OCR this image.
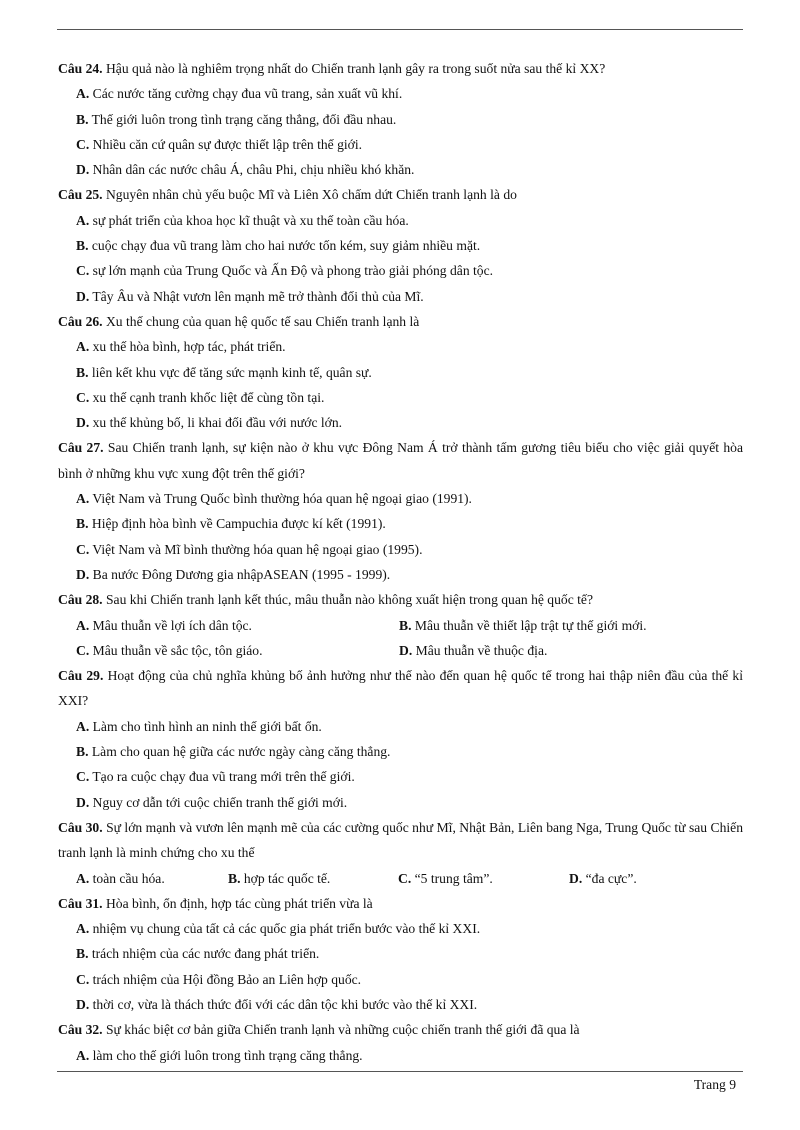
Câu 24. Hậu quả nào là nghiêm trọng nhất do Chiến tranh lạnh gây ra trong suốt nửa sau thế kỉ XX?
A. Các nước tăng cường chạy đua vũ trang, sản xuất vũ khí.
B. Thế giới luôn trong tình trạng căng thẳng, đối đầu nhau.
C. Nhiều căn cứ quân sự được thiết lập trên thế giới.
D. Nhân dân các nước châu Á, châu Phi, chịu nhiều khó khăn.
Câu 25. Nguyên nhân chủ yếu buộc Mĩ và Liên Xô chấm dứt Chiến tranh lạnh là do
A. sự phát triển của khoa học kĩ thuật và xu thế toàn cầu hóa.
B. cuộc chạy đua vũ trang làm cho hai nước tốn kém, suy giảm nhiều mặt.
C. sự lớn mạnh của Trung Quốc và Ấn Độ và phong trào giải phóng dân tộc.
D. Tây Âu và Nhật vươn lên mạnh mẽ trở thành đối thủ của Mĩ.
Câu 26. Xu thế chung của quan hệ quốc tế sau Chiến tranh lạnh là
A. xu thế hòa bình, hợp tác, phát triển.
B. liên kết khu vực để tăng sức mạnh kinh tế, quân sự.
C. xu thế cạnh tranh khốc liệt để cùng tồn tại.
D. xu thế khủng bố, li khai đối đầu với nước lớn.
Câu 27. Sau Chiến tranh lạnh, sự kiện nào ở khu vực Đông Nam Á trở thành tấm gương tiêu biểu cho việc giải quyết hòa bình ở những khu vực xung đột trên thế giới?
A. Việt Nam và Trung Quốc bình thường hóa quan hệ ngoại giao (1991).
B. Hiệp định hòa bình về Campuchia được kí kết (1991).
C. Việt Nam và Mĩ bình thường hóa quan hệ ngoại giao (1995).
D. Ba nước Đông Dương gia nhậpASEAN (1995 - 1999).
Câu 28. Sau khi Chiến tranh lạnh kết thúc, mâu thuẫn nào không xuất hiện trong quan hệ quốc tế?
A. Mâu thuẫn về lợi ích dân tộc.	B. Mâu thuẫn về thiết lập trật tự thế giới mới.
C. Mâu thuẫn về sắc tộc, tôn giáo.	D. Mâu thuẫn về thuộc địa.
Câu 29. Hoạt động của chủ nghĩa khủng bố ảnh hưởng như thế nào đến quan hệ quốc tế trong hai thập niên đầu của thế kỉ XXI?
A. Làm cho tình hình an ninh thế giới bất ổn.
B. Làm cho quan hệ giữa các nước ngày càng căng thẳng.
C. Tạo ra cuộc chạy đua vũ trang mới trên thế giới.
D. Nguy cơ dẫn tới cuộc chiến tranh thế giới mới.
Câu 30. Sự lớn mạnh và vươn lên mạnh mẽ của các cường quốc như Mĩ, Nhật Bản, Liên bang Nga, Trung Quốc từ sau Chiến tranh lạnh là minh chứng cho xu thế
A. toàn cầu hóa.	B. hợp tác quốc tế.	C. “5 trung tâm”.	D. “đa cực”.
Câu 31. Hòa bình, ổn định, hợp tác cùng phát triển vừa là
A. nhiệm vụ chung của tất cả các quốc gia phát triển bước vào thế kỉ XXI.
B. trách nhiệm của các nước đang phát triển.
C. trách nhiệm của Hội đồng Bảo an Liên hợp quốc.
D. thời cơ, vừa là thách thức đối với các dân tộc khi bước vào thế kỉ XXI.
Câu 32. Sự khác biệt cơ bản giữa Chiến tranh lạnh và những cuộc chiến tranh thế giới đã qua là
A. làm cho thế giới luôn trong tình trạng căng thẳng.
Trang 9
